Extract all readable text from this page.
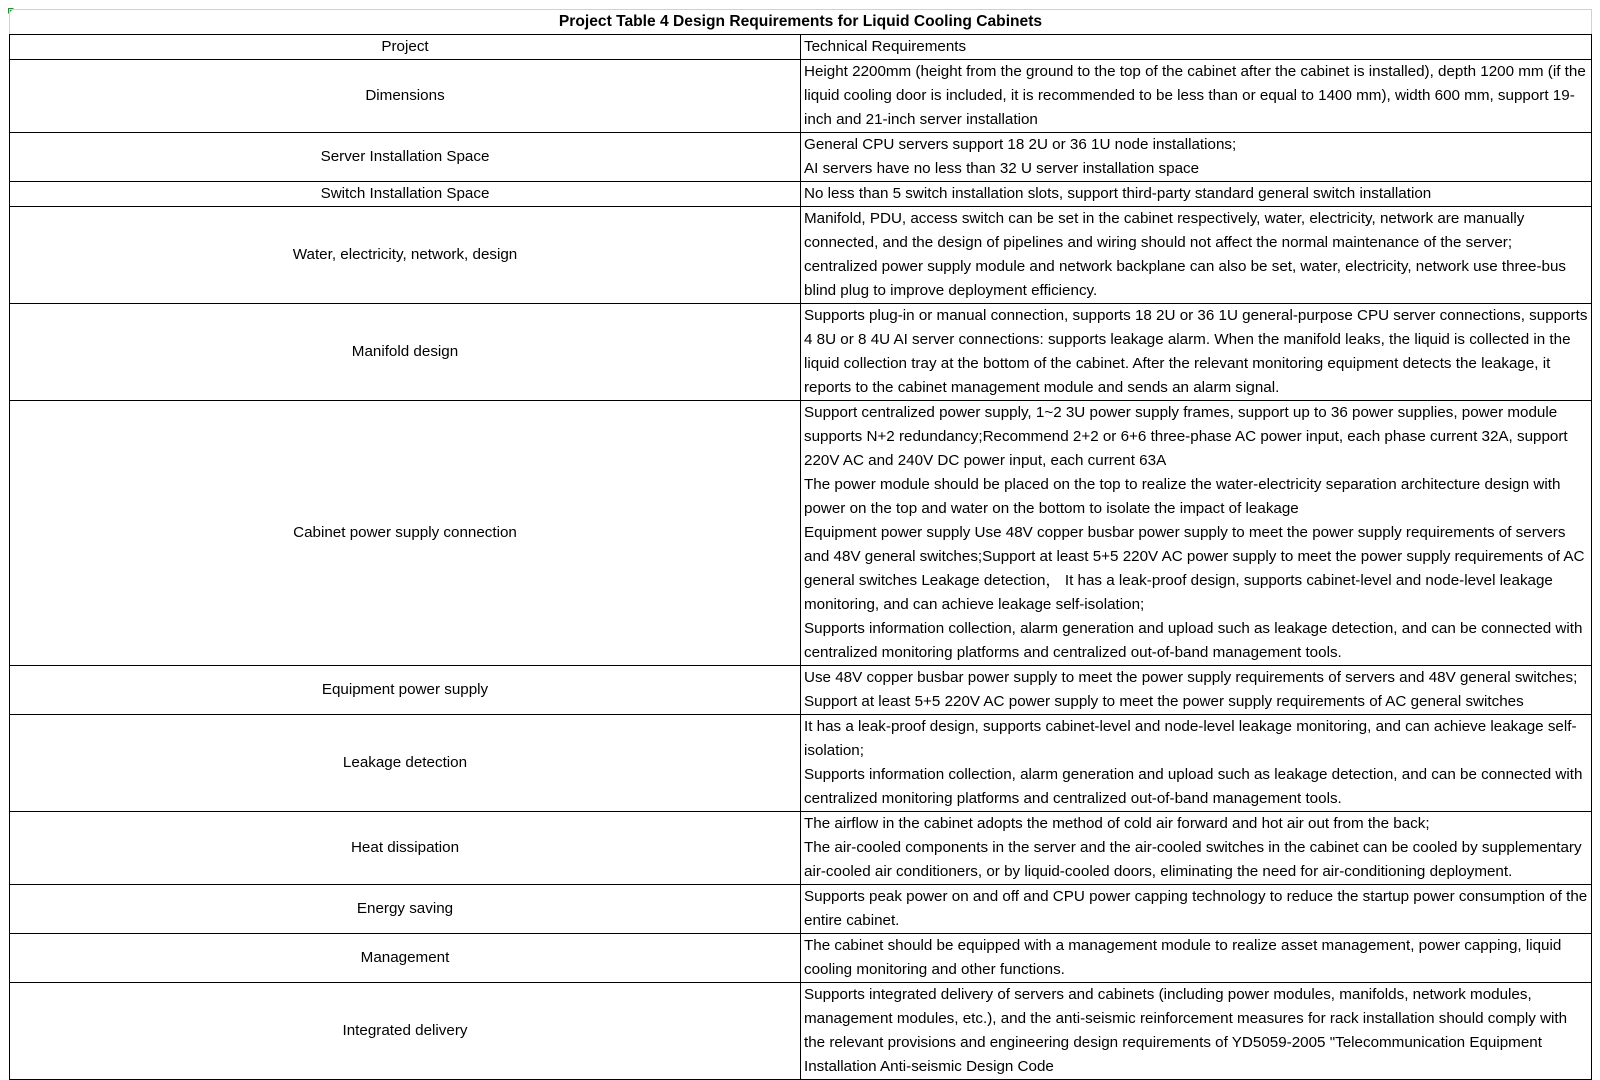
Project Table 4 Design Requirements for Liquid Cooling Cabinets	
Project	Technical Requirements
Dimensions	Height 2200mm (height from the ground to the top of the cabinet after the cabinet is installed), depth 1200 mm (if the liquid cooling door is included, it is recommended to be less than or equal to 1400 mm), width 600 mm, support 19-inch and 21-inch server installation

Server Installation Space	General CPU servers support 18 2U or 36 1U node installations;
AI servers have no less than 32 U server installation space

Switch Installation Space	No less than 5 switch installation slots, support third-party standard general switch installation

Water, electricity, network, design	Manifold, PDU, access switch can be set in the cabinet respectively, water, electricity, network are manually connected, and the design of pipelines and wiring should not affect the normal maintenance of the server; centralized power supply module and network backplane can also be set, water, electricity, network use three-bus blind plug to improve deployment efficiency.

Manifold design	Supports plug-in or manual connection, supports 18 2U or 36 1U general-purpose CPU server connections, supports 4 8U or 8 4U AI server connections: supports leakage alarm. When the manifold leaks, the liquid is collected in the liquid collection tray at the bottom of the cabinet. After the relevant monitoring equipment detects the leakage, it reports to the cabinet management module and sends an alarm signal.

Cabinet power supply connection	Support centralized power supply, 1~2 3U power supply frames, support up to 36 power supplies, power module supports N+2 redundancy;Recommend 2+2 or 6+6 three-phase AC power input, each phase current 32A, support 220V AC and 240V DC power input, each current 63A
The power module should be placed on the top to realize the water-electricity separation architecture design with power on the top and water on the bottom to isolate the impact of leakage
Equipment power supply Use 48V copper busbar power supply to meet the power supply requirements of servers and 48V general switches;Support at least 5+5 220V AC power supply to meet the power supply requirements of AC general switches Leakage detection， It has a leak-proof design, supports cabinet-level and node-level leakage monitoring, and can achieve leakage self-isolation;
Supports information collection, alarm generation and upload such as leakage detection, and can be connected with centralized monitoring platforms and centralized out-of-band management tools.

Equipment power supply	Use 48V copper busbar power supply to meet the power supply requirements of servers and 48V general switches;
Support at least 5+5 220V AC power supply to meet the power supply requirements of AC general switches

Leakage detection	It has a leak-proof design, supports cabinet-level and node-level leakage monitoring, and can achieve leakage self-isolation;
Supports information collection, alarm generation and upload such as leakage detection, and can be connected with centralized monitoring platforms and centralized out-of-band management tools.

Heat dissipation	The airflow in the cabinet adopts the method of cold air forward and hot air out from the back;
The air-cooled components in the server and the air-cooled switches in the cabinet can be cooled by supplementary air-cooled air conditioners, or by liquid-cooled doors, eliminating the need for air-conditioning deployment.

Energy saving	Supports peak power on and off and CPU power capping technology to reduce the startup power consumption of the entire cabinet.

Management	The cabinet should be equipped with a management module to realize asset management, power capping, liquid cooling monitoring and other functions.

Integrated delivery	Supports integrated delivery of servers and cabinets (including power modules, manifolds, network modules, management modules, etc.), and the anti-seismic reinforcement measures for rack installation should comply with the relevant provisions and engineering design requirements of YD5059-2005 "Telecommunication Equipment Installation Anti-seismic Design Code
